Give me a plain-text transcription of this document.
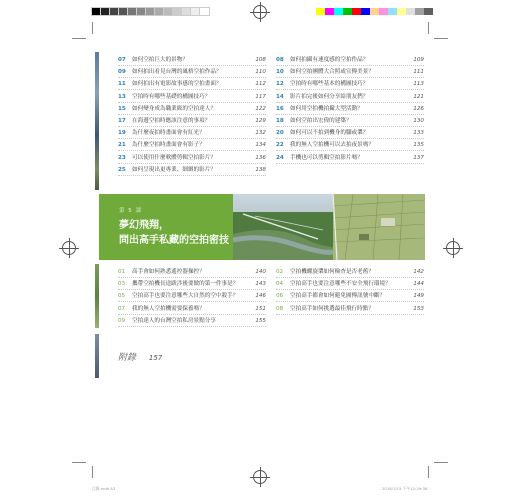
07	如何空拍巨大的景物？	108
09	如何拍出看見台灣的風格空拍作品？	110
11	如何拍出有電影故事感的空拍畫面？	112
13	空拍時有哪些基礎的構圖技巧？	117
15	如何變身成為職業級的空拍達人？	122
17	在海邊空拍時應該注意的事項？	129
19	為什麼夜拍時畫面會有紅光？	132
21	為什麼空拍時畫面會有影子？	134
23	可以使用什麼軟體剪輯空拍影片？	136
25	如何呈現出更專業、細緻的影片？	138
08	如何拍攝有速度感的空拍作品？	109
10	如何空拍團體大合照或宣傳美景？	111
12	空拍時有哪些基本的構圖技巧？	113
14	影片拍完後如何分享給朋友們？	121
16	如何用空拍機拍攝大型活動？	126
18	如何空拍出宏偉的建築？	130
20	如何可以不拍到機身的腳或槳？	133
22	我的無人空拍機可以去拍夜景嗎？	135
24	手機也可以剪輯空拍影片嗎？	137
第 5 課
夢幻飛翔，
問出高手私藏的空拍密技
01	高手會如何熟悉遙控器操控？	140
03	攜帶空拍機長途跋涉後要做的第一件事是？	143
05	空拍高手也要注意哪些大自然的空中殺手？	146
07	我的無人空拍機需要保養嗎？	151
09	空拍達人的台灣空拍私房景點分享	155
02	空拍機螺旋槳如何檢查是否老舊？	142
04	空拍高手也要注意哪些不安全飛行環境？	144
06	空拍高手都會如何避免圖傳訊號中斷？	149
08	空拍高手如何挑選最佳飛行時點？	153
附錄 157
目錄.indd A3	2018/1/15 下午12:29:36
